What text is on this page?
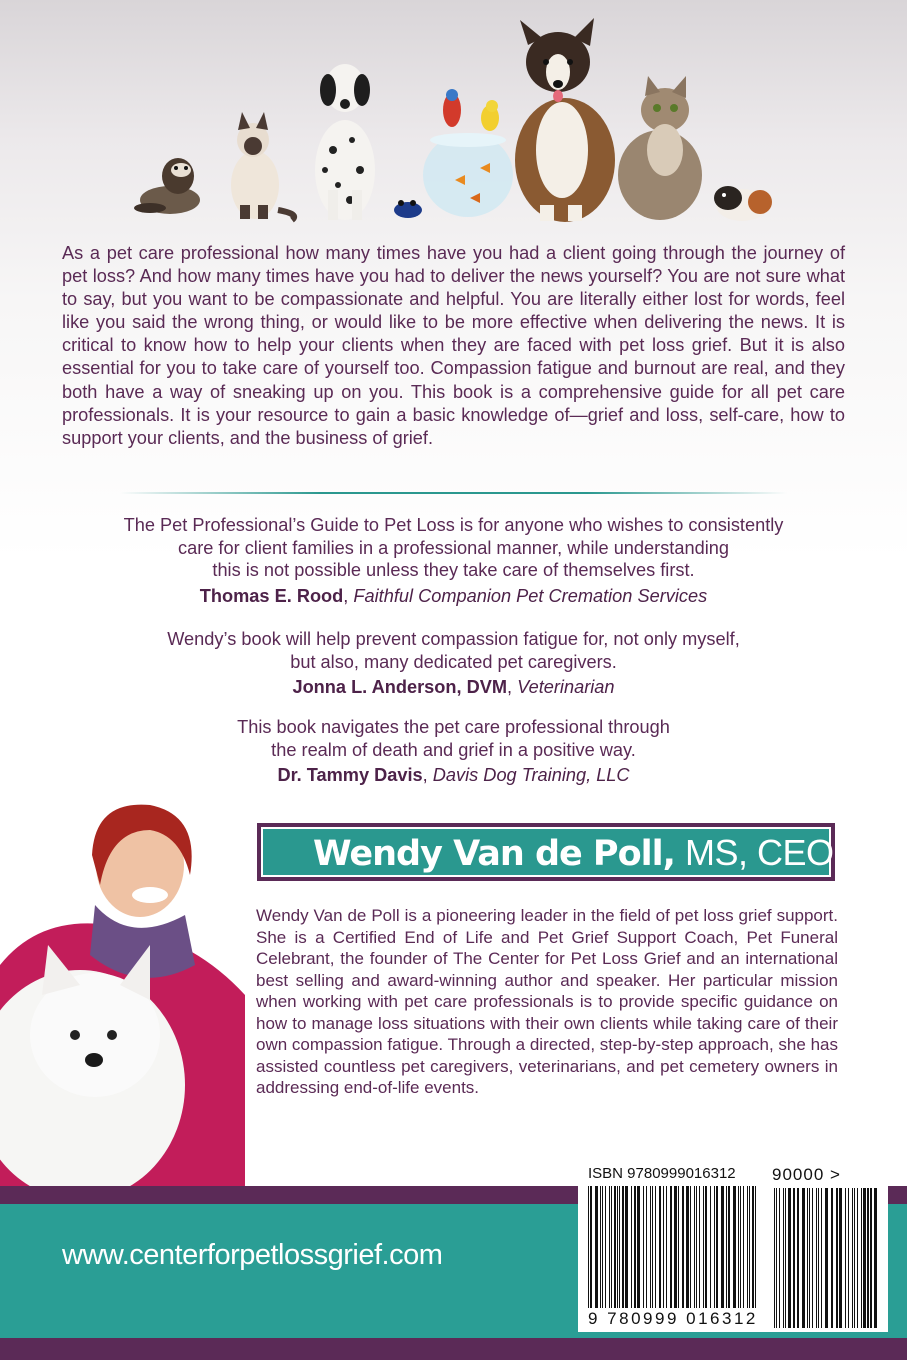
As a pet care professional how many times have you had a client going through the journey of pet loss? And how many times have you had to deliver the news yourself? You are not sure what to say, but you want to be compassionate and helpful. You are literally either lost for words, feel like you said the wrong thing, or would like to be more effective when delivering the news. It is critical to know how to help your clients when they are faced with pet loss grief. But it is also essential for you to take care of yourself too. Compassion fatigue and burnout are real, and they both have a way of sneaking up on you. This book is a comprehensive guide for all pet care professionals. It is your resource to gain a basic knowledge of—grief and loss, self-care, how to support your clients, and the business of grief.

The Pet Professional’s Guide to Pet Loss is for anyone who wishes to consistently

care for client families in a professional manner, while understanding

this is not possible unless they take care of themselves first.

Thomas E. Rood, Faithful Companion Pet Cremation Services

Wendy’s book will help prevent compassion fatigue for, not only myself,

but also, many dedicated pet caregivers.

Jonna L. Anderson, DVM, Veterinarian

This book navigates the pet care professional through

the realm of death and grief in a positive way.

Dr. Tammy Davis, Davis Dog Training, LLC

Wendy Van de Poll, MS, CEOL

Wendy Van de Poll is a pioneering leader in the field of pet loss grief support. She is a Certified End of Life and Pet Grief Support Coach, Pet Funeral Celebrant, the founder of The Center for Pet Loss Grief and an international best selling and award-winning author and speaker. Her particular mission when working with pet care professionals is to provide specific guidance on how to manage loss situations with their own clients while taking care of their own compassion fatigue. Through a directed, step-by-step approach, she has assisted countless pet caregivers, veterinarians, and pet cemetery owners in addressing end-of-life events.

www.centerforpetlossgrief.com
ISBN 9780999016312 90000 >
9 780999 016312
